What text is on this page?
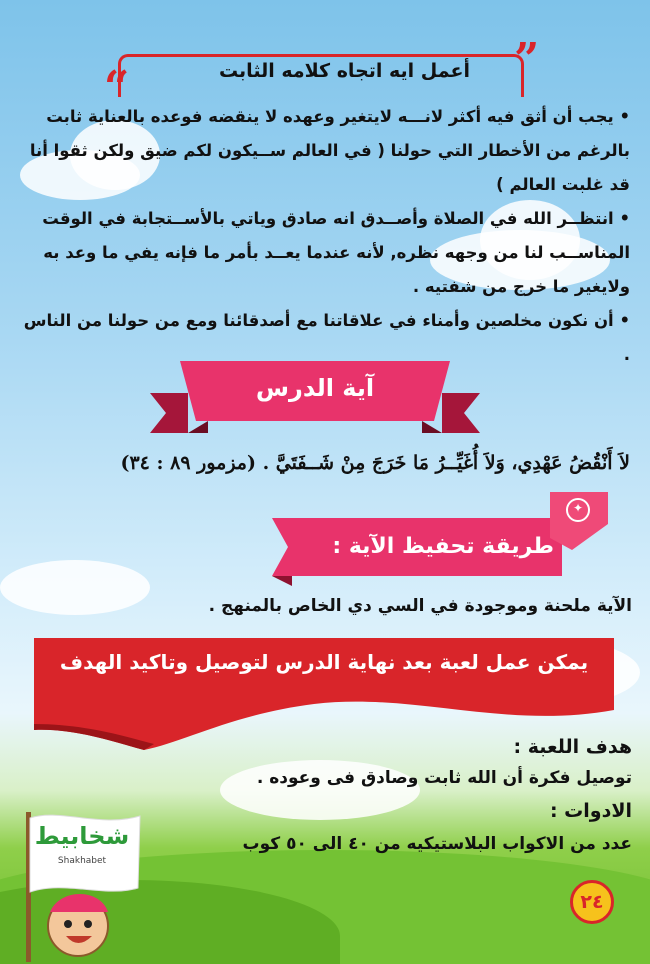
”
“	أعمل ايه اتجاه كلامه الثابت
• يجب أن أثق فيه أكثر لانـــه لايتغير وعهده لا ينقضه فوعده بالعناية ثابت بالرغم من الأخطار التي حولنا ( في العالم ســيكون لكم ضيق ولكن ثقوا أنا قد غلبت العالم )
• انتظــر الله في الصلاة وأصــدق انه صادق وياتي بالأســتجابة في الوقت المناســب لنا من وجهه نظره, لأنه عندما يعــد بأمر ما فإنه يفي ما وعد به ولايغير ما خرج من شفتيه .
• أن نكون مخلصين وأمناء في علاقاتنا مع أصدقائنا ومع من حولنا من الناس .
آية الدرس
لاَ أَنْقُضُ عَهْدِي، وَلاَ أُغَيِّــرُ مَا خَرَجَ مِنْ شَــفَتَيَّ . (مزمور ٨٩ : ٣٤)
✦
طريقة تحفيظ الآية :
الآية ملحنة وموجودة في السي دي الخاص بالمنهج .
يمكن عمل لعبة بعد نهاية الدرس لتوصيل وتاكيد الهدف
هدف اللعبة :
توصيل فكرة أن الله ثابت وصادق فى وعوده .
الادوات :
عدد من الاكواب البلاستيكيه من ٤٠ الى ٥٠ كوب
شخابيط
Shakhabet
٢٤
